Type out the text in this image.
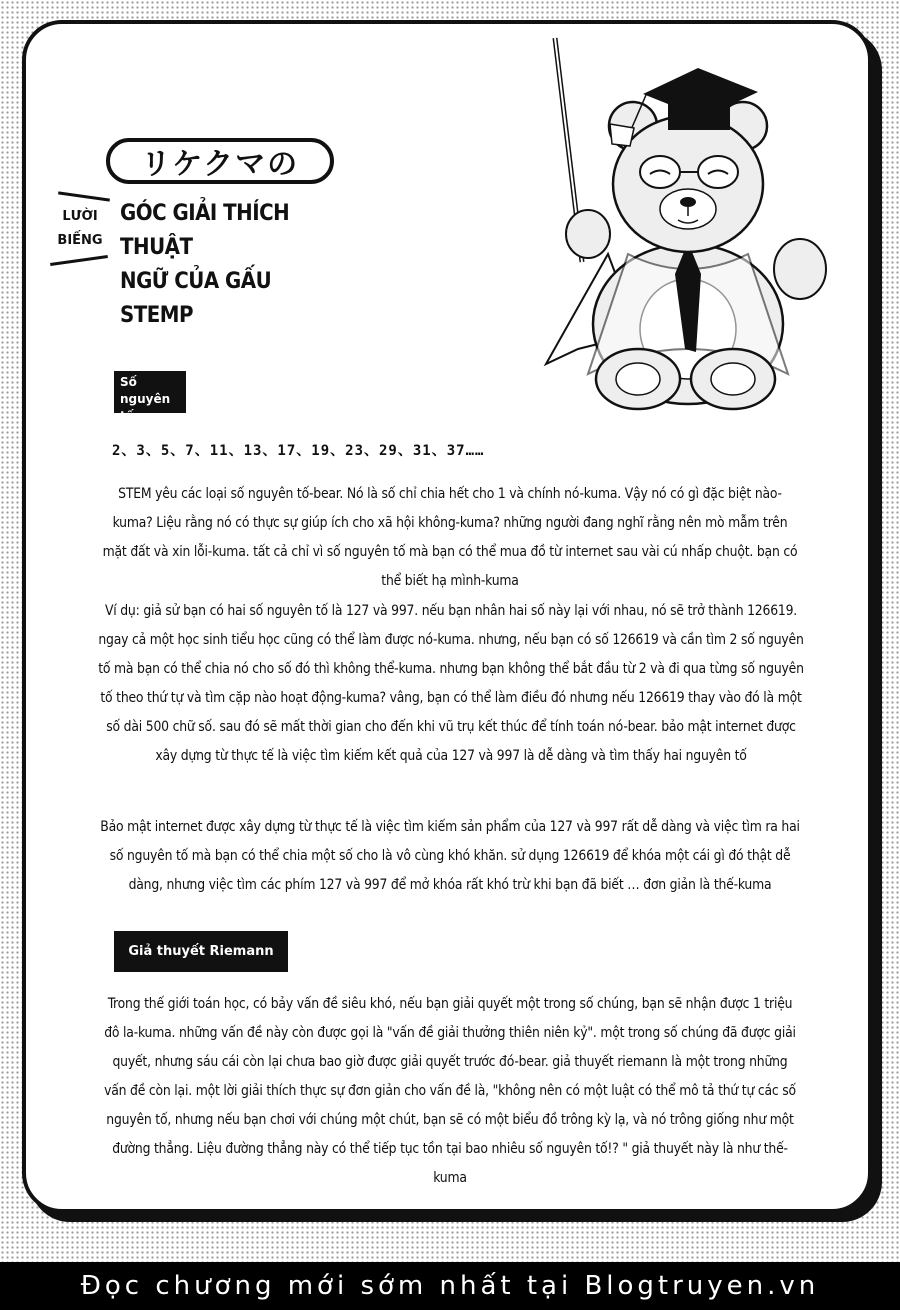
リケクマの
LƯỜI
BIẾNG
GÓC GIẢI THÍCH THUẬT
NGỮ CỦA GẤU STEMP
Số nguyên
tố
2、3、5、7、11、13、17、19、23、29、31、37……
STEM yêu các loại số nguyên tố-bear. Nó là số chỉ chia hết cho 1 và chính nó-kuma. Vậy nó có gì đặc biệt nào-kuma? Liệu rằng nó có thực sự giúp ích cho xã hội không-kuma? những người đang nghĩ rằng nên mò mẫm trên mặt đất và xin lỗi-kuma. tất cả chỉ vì số nguyên tố mà bạn có thể mua đồ từ internet sau vài cú nhấp chuột. bạn có thể biết hạ mình-kuma
Ví dụ: giả sử bạn có hai số nguyên tố là 127 và 997. nếu bạn nhân hai số này lại với nhau, nó sẽ trở thành 126619. ngay cả một học sinh tiểu học cũng có thể làm được nó-kuma. nhưng, nếu bạn có số 126619 và cần tìm 2 số nguyên tố mà bạn có thể chia nó cho số đó thì không thể-kuma. nhưng bạn không thể bắt đầu từ 2 và đi qua từng số nguyên tố theo thứ tự và tìm cặp nào hoạt động-kuma? vâng, bạn có thể làm điều đó nhưng nếu 126619 thay vào đó là một số dài 500 chữ số. sau đó sẽ mất thời gian cho đến khi vũ trụ kết thúc để tính toán nó-bear. bảo mật internet được xây dựng từ thực tế là việc tìm kiếm kết quả của 127 và 997 là dễ dàng và tìm thấy hai nguyên tố
Bảo mật internet được xây dựng từ thực tế là việc tìm kiếm sản phẩm của 127 và 997 rất dễ dàng và việc tìm ra hai số nguyên tố mà bạn có thể chia một số cho là vô cùng khó khăn. sử dụng 126619 để khóa một cái gì đó thật dễ dàng, nhưng việc tìm các phím 127 và 997 để mở khóa rất khó trừ khi bạn đã biết … đơn giản là thế-kuma
Giả thuyết Riemann
Trong thế giới toán học, có bảy vấn đề siêu khó, nếu bạn giải quyết một trong số chúng, bạn sẽ nhận được 1 triệu đô la-kuma. những vấn đề này còn được gọi là "vấn đề giải thưởng thiên niên kỷ". một trong số chúng đã được giải quyết, nhưng sáu cái còn lại chưa bao giờ được giải quyết trước đó-bear. giả thuyết riemann là một trong những vấn đề còn lại. một lời giải thích thực sự đơn giản cho vấn đề là, "không nên có một luật có thể mô tả thứ tự các số nguyên tố, nhưng nếu bạn chơi với chúng một chút, bạn sẽ có một biểu đồ trông kỳ lạ, và nó trông giống như một đường thẳng. Liệu đường thẳng này có thể tiếp tục tồn tại bao nhiêu số nguyên tố!? " giả thuyết này là như thế-kuma
Đọc chương mới sớm nhất tại Blogtruyen.vn
